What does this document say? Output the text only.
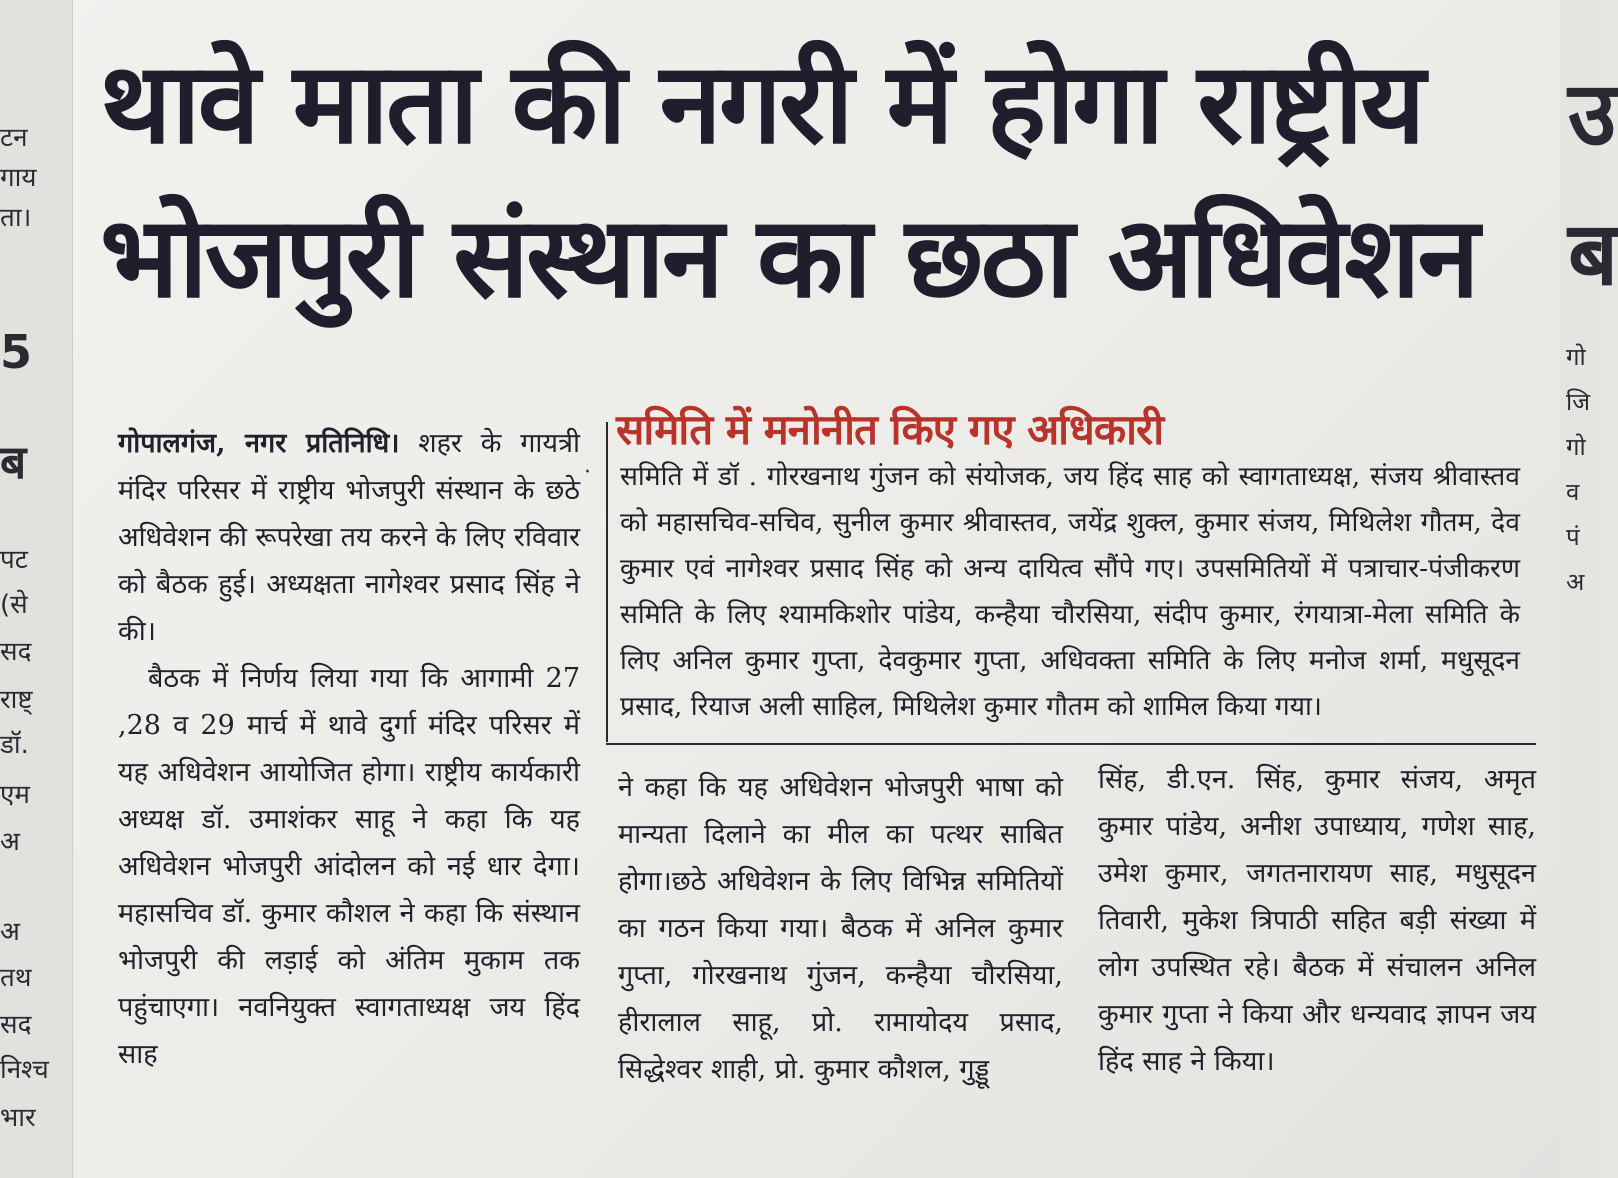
टन
गाय
ता।
5
ब
पट
(से
सद
राष्ट्
डॉ.
एम
अ
अ
तथ
सद
निश्च
भार
उ
ब
गो
जि
गो
व
पं
अ
थावे माता की नगरी में होगा राष्ट्रीय
भोजपुरी संस्थान का छठा अधिवेशन

गोपालगंज, नगर प्रतिनिधि। शहर के गायत्री मंदिर परिसर में राष्ट्रीय भोजपुरी संस्थान के छठे अधिवेशन की रूपरेखा तय करने के लिए रविवार को बैठक हुई। अध्यक्षता नागेश्वर प्रसाद सिंह ने की।

बैठक में निर्णय लिया गया कि आगामी 27 ,28 व 29 मार्च में थावे दुर्गा मंदिर परिसर में यह अधिवेशन आयोजित होगा। राष्ट्रीय कार्यकारी अध्यक्ष डॉ. उमाशंकर साहू ने कहा कि यह अधिवेशन भोजपुरी आंदोलन को नई धार देगा।महासचिव डॉ. कुमार कौशल ने कहा कि संस्थान भोजपुरी की लड़ाई को अंतिम मुकाम तक पहुंचाएगा। नवनियुक्त स्वागताध्यक्ष जय हिंद साह

·
समिति में मनोनीत किए गए अधिकारी
समिति में डॉ . गोरखनाथ गुंजन को संयोजक, जय हिंद साह को स्वागताध्यक्ष, संजय श्रीवास्तव को महासचिव-सचिव, सुनील कुमार श्रीवास्तव, जयेंद्र शुक्ल, कुमार संजय, मिथिलेश गौतम, देव कुमार एवं नागेश्वर प्रसाद सिंह को अन्य दायित्व सौंपे गए। उपसमितियों में पत्राचार-पंजीकरण समिति के लिए श्यामकिशोर पांडेय, कन्हैया चौरसिया, संदीप कुमार, रंगयात्रा-मेला समिति के लिए अनिल कुमार गुप्ता, देवकुमार गुप्ता, अधिवक्ता समिति के लिए मनोज शर्मा, मधुसूदन प्रसाद, रियाज अली साहिल, मिथिलेश कुमार गौतम को शामिल किया गया।

ने कहा कि यह अधिवेशन भोजपुरी भाषा को मान्यता दिलाने का मील का पत्थर साबित होगा।छठे अधिवेशन के लिए विभिन्न समितियों का गठन किया गया। बैठक में अनिल कुमार गुप्ता, गोरखनाथ गुंजन, कन्हैया चौरसिया, हीरालाल साहू, प्रो. रामायोदय प्रसाद, सिद्धेश्वर शाही, प्रो. कुमार कौशल, गुड्डू

सिंह, डी.एन. सिंह, कुमार संजय, अमृत कुमार पांडेय, अनीश उपाध्याय, गणेश साह, उमेश कुमार, जगतनारायण साह, मधुसूदन तिवारी, मुकेश त्रिपाठी सहित बड़ी संख्या में लोग उपस्थित रहे। बैठक में संचालन अनिल कुमार गुप्ता ने किया और धन्यवाद ज्ञापन जय हिंद साह ने किया।
